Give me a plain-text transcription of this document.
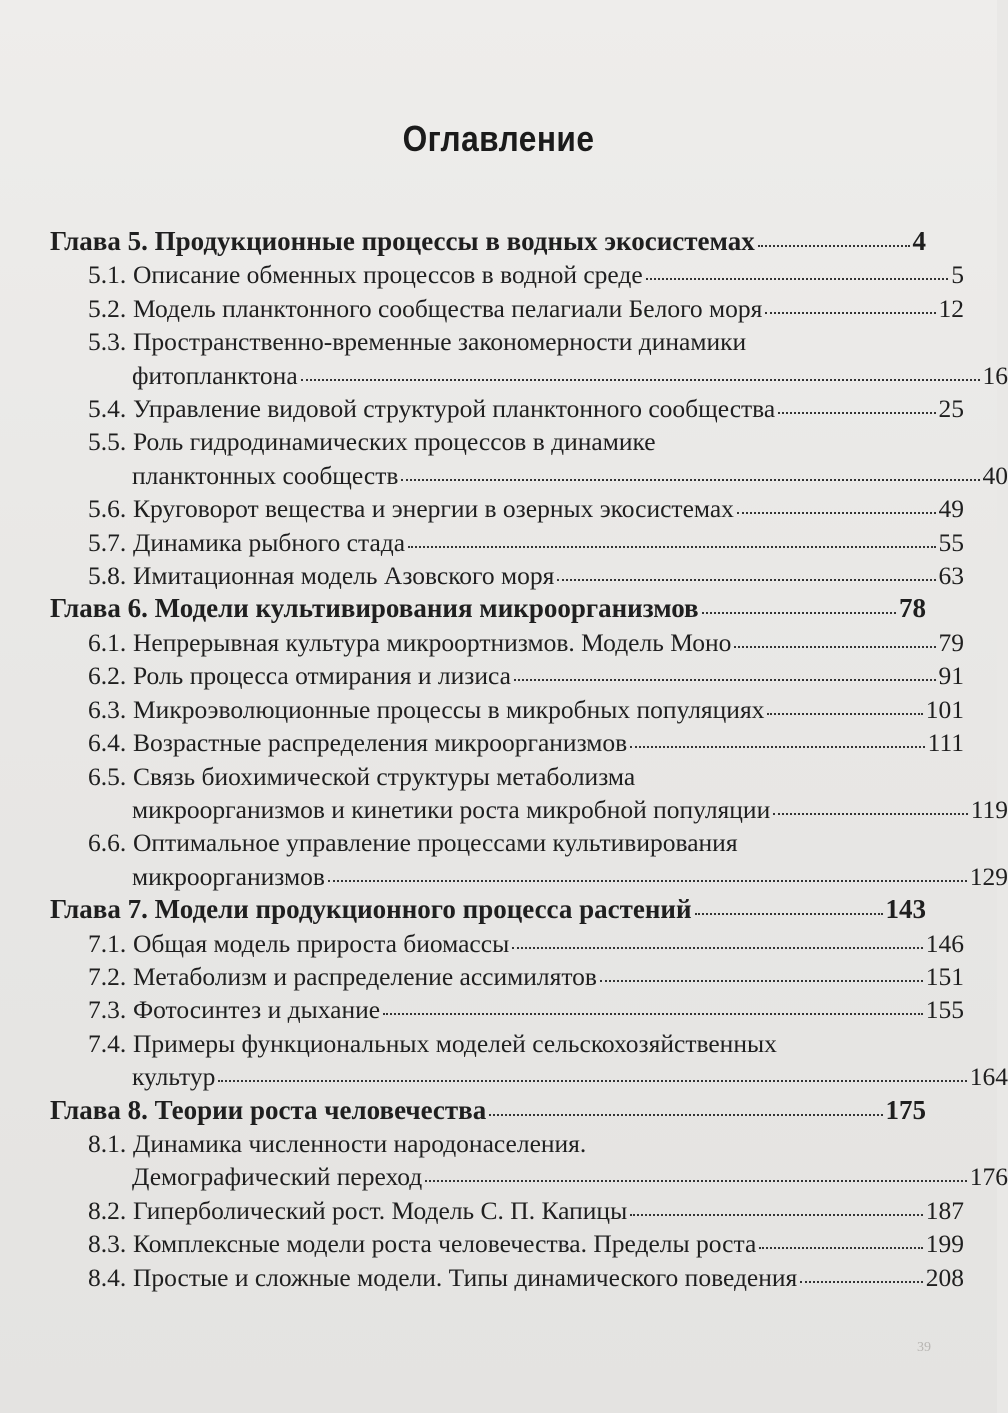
Оглавление
Глава 5. Продукционные процессы в водных экосистемах	4
5.1. Описание обменных процессов в водной среде	5
5.2. Модель планктонного сообщества пелагиали Белого моря	12
5.3. Пространственно-временные закономерности динамики
фитопланктона	16
5.4. Управление видовой структурой планктонного сообщества	25
5.5. Роль гидродинамических процессов в динамике
планктонных сообществ	40
5.6. Круговорот вещества и энергии в озерных экосистемах	49
5.7. Динамика рыбного стада	55
5.8. Имитационная модель Азовского моря	63
Глава 6. Модели культивирования микроорганизмов	78
6.1. Непрерывная культура микроортнизмов. Модель Моно	79
6.2. Роль процесса отмирания и лизиса	91
6.3. Микроэволюционные процессы в микробных популяциях	101
6.4. Возрастные распределения микроорганизмов	111
6.5. Связь биохимической структуры метаболизма
микроорганизмов и кинетики роста микробной популяции	119
6.6. Оптимальное управление процессами культивирования
микроорганизмов	129
Глава 7. Модели продукционного процесса растений	143
7.1. Общая модель прироста биомассы	146
7.2. Метаболизм и распределение ассимилятов	151
7.3. Фотосинтез и дыхание	155
7.4. Примеры функциональных моделей сельскохозяйственных
культур	164
Глава 8. Теории роста человечества	175
8.1. Динамика численности народонаселения.
Демографический переход	176
8.2. Гиперболический рост. Модель С. П. Капицы	187
8.3. Комплексные модели роста человечества. Пределы роста	199
8.4. Простые и сложные модели. Типы динамического поведения	208
39
